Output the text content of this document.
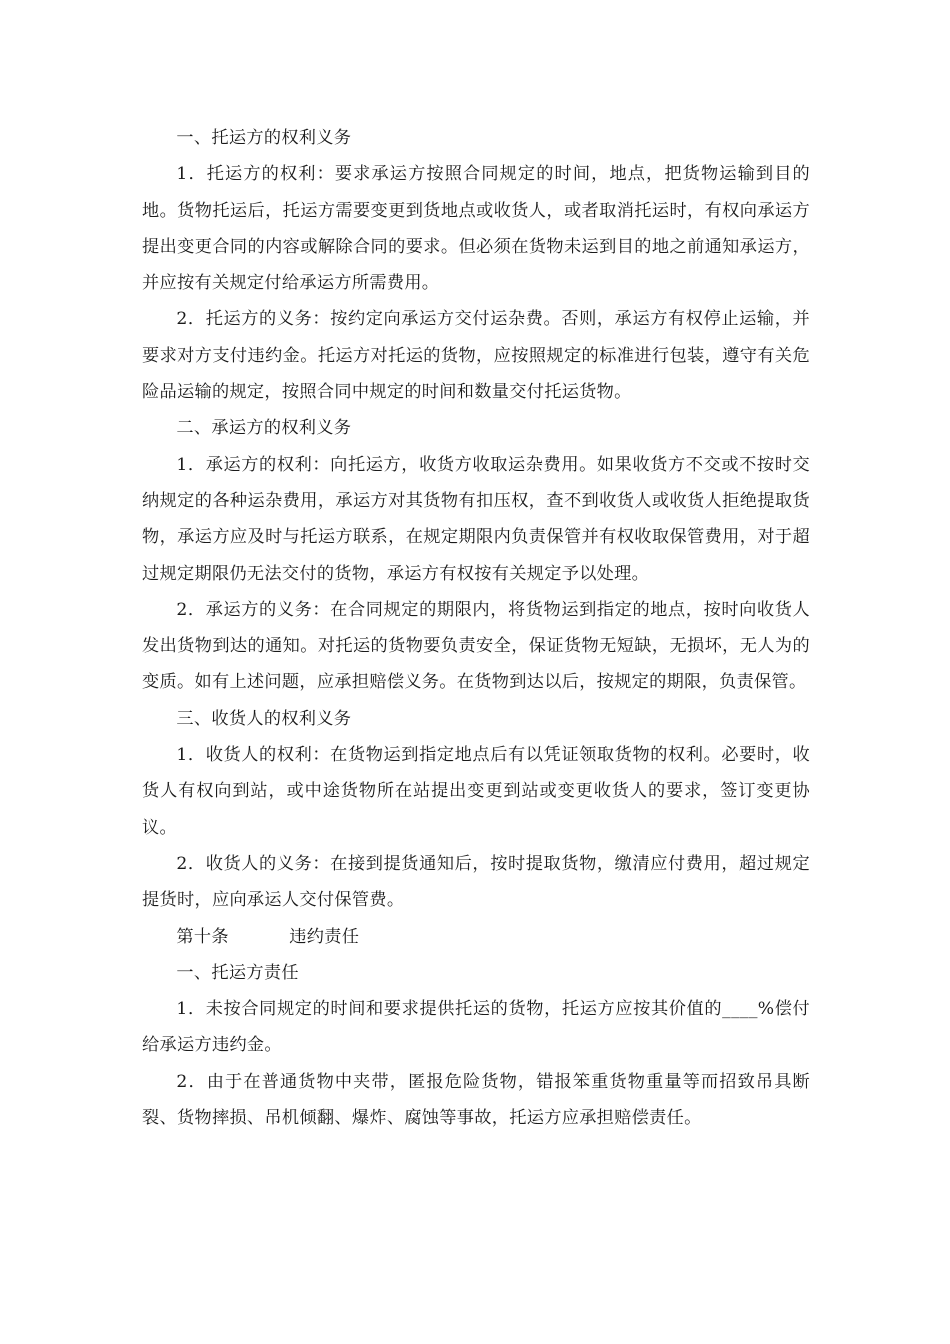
一、托运方的权利义务

1．托运方的权利：要求承运方按照合同规定的时间，地点，把货物运输到目的地。货物托运后，托运方需要变更到货地点或收货人，或者取消托运时，有权向承运方提出变更合同的内容或解除合同的要求。但必须在货物未运到目的地之前通知承运方，并应按有关规定付给承运方所需费用。

2．托运方的义务：按约定向承运方交付运杂费。否则，承运方有权停止运输，并要求对方支付违约金。托运方对托运的货物，应按照规定的标准进行包装，遵守有关危险品运输的规定，按照合同中规定的时间和数量交付托运货物。

二、承运方的权利义务

1．承运方的权利：向托运方，收货方收取运杂费用。如果收货方不交或不按时交纳规定的各种运杂费用，承运方对其货物有扣压权，查不到收货人或收货人拒绝提取货物，承运方应及时与托运方联系，在规定期限内负责保管并有权收取保管费用，对于超过规定期限仍无法交付的货物，承运方有权按有关规定予以处理。

2．承运方的义务：在合同规定的期限内，将货物运到指定的地点，按时向收货人发出货物到达的通知。对托运的货物要负责安全，保证货物无短缺，无损坏，无人为的变质。如有上述问题，应承担赔偿义务。在货物到达以后，按规定的期限，负责保管。

三、收货人的权利义务

1．收货人的权利：在货物运到指定地点后有以凭证领取货物的权利。必要时，收货人有权向到站，或中途货物所在站提出变更到站或变更收货人的要求，签订变更协议。

2．收货人的义务：在接到提货通知后，按时提取货物，缴清应付费用，超过规定提货时，应向承运人交付保管费。

第十条	违约责任

一、托运方责任

1．未按合同规定的时间和要求提供托运的货物，托运方应按其价值的____%偿付给承运方违约金。

2．由于在普通货物中夹带，匿报危险货物，错报笨重货物重量等而招致吊具断裂、货物摔损、吊机倾翻、爆炸、腐蚀等事故，托运方应承担赔偿责任。
